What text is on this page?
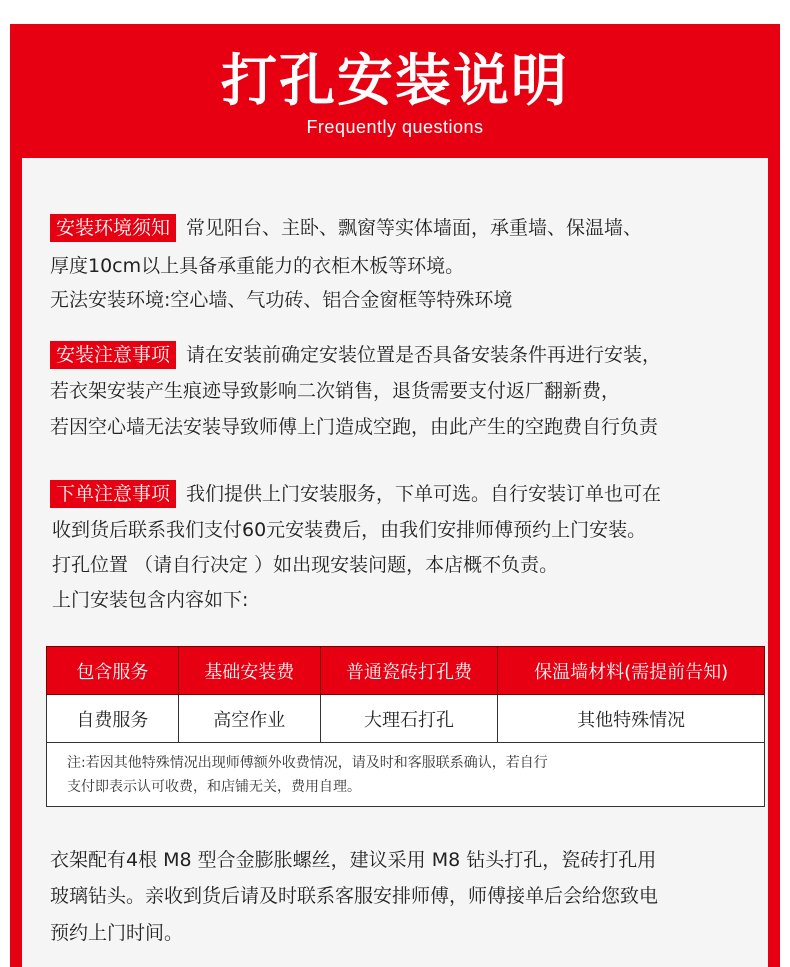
打孔安装说明
Frequently questions
安装环境须知 常见阳台、主卧、飘窗等实体墙面，承重墙、保温墙、
厚度10cm以上具备承重能力的衣柜木板等环境。
无法安装环境:空心墙、气功砖、铝合金窗框等特殊环境
安装注意事项 请在安装前确定安装位置是否具备安装条件再进行安装，
若衣架安装产生痕迹导致影响二次销售，退货需要支付返厂翻新费，
若因空心墙无法安装导致师傅上门造成空跑，由此产生的空跑费自行负责
下单注意事项 我们提供上门安装服务，下单可选。自行安装订单也可在
收到货后联系我们支付60元安装费后，由我们安排师傅预约上门安装。
打孔位置 （请自行决定 ）如出现安装问题，本店概不负责。
上门安装包含内容如下:
包含服务	基础安装费	普通瓷砖打孔费	保温墙材料(需提前告知)
自费服务	高空作业	大理石打孔	其他特殊情况

注:若因其他特殊情况出现师傅额外收费情况，请及时和客服联系确认，若自行
支付即表示认可收费，和店铺无关，费用自理。			
衣架配有4根 M8 型合金膨胀螺丝，建议采用 M8 钻头打孔，瓷砖打孔用
玻璃钻头。亲收到货后请及时联系客服安排师傅，师傅接单后会给您致电
预约上门时间。
